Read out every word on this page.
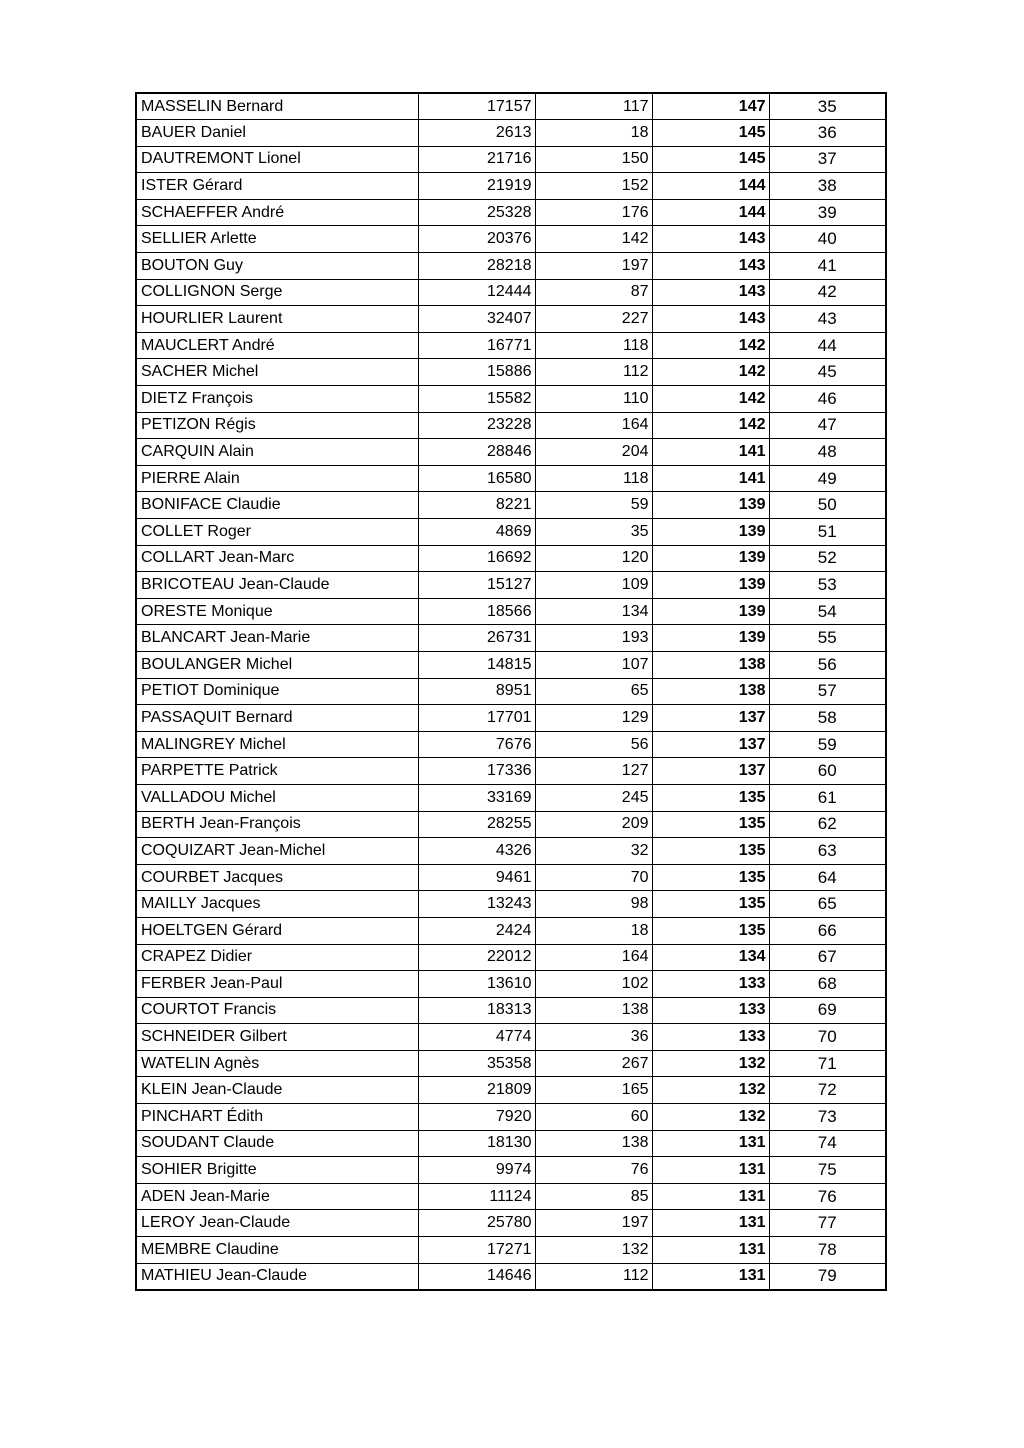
MASSELIN Bernard	17157	117	147	35
BAUER Daniel	2613	18	145	36
DAUTREMONT Lionel	21716	150	145	37
ISTER Gérard	21919	152	144	38
SCHAEFFER André	25328	176	144	39
SELLIER Arlette	20376	142	143	40
BOUTON Guy	28218	197	143	41
COLLIGNON Serge	12444	87	143	42
HOURLIER Laurent	32407	227	143	43
MAUCLERT André	16771	118	142	44
SACHER Michel	15886	112	142	45
DIETZ François	15582	110	142	46
PETIZON Régis	23228	164	142	47
CARQUIN Alain	28846	204	141	48
PIERRE Alain	16580	118	141	49
BONIFACE Claudie	8221	59	139	50
COLLET Roger	4869	35	139	51
COLLART Jean-Marc	16692	120	139	52
BRICOTEAU Jean-Claude	15127	109	139	53
ORESTE Monique	18566	134	139	54
BLANCART Jean-Marie	26731	193	139	55
BOULANGER Michel	14815	107	138	56
PETIOT Dominique	8951	65	138	57
PASSAQUIT Bernard	17701	129	137	58
MALINGREY Michel	7676	56	137	59
PARPETTE Patrick	17336	127	137	60
VALLADOU Michel	33169	245	135	61
BERTH Jean-François	28255	209	135	62
COQUIZART Jean-Michel	4326	32	135	63
COURBET Jacques	9461	70	135	64
MAILLY Jacques	13243	98	135	65
HOELTGEN Gérard	2424	18	135	66
CRAPEZ Didier	22012	164	134	67
FERBER Jean-Paul	13610	102	133	68
COURTOT Francis	18313	138	133	69
SCHNEIDER Gilbert	4774	36	133	70
WATELIN Agnès	35358	267	132	71
KLEIN Jean-Claude	21809	165	132	72
PINCHART Édith	7920	60	132	73
SOUDANT Claude	18130	138	131	74
SOHIER Brigitte	9974	76	131	75
ADEN Jean-Marie	11124	85	131	76
LEROY Jean-Claude	25780	197	131	77
MEMBRE Claudine	17271	132	131	78
MATHIEU Jean-Claude	14646	112	131	79
